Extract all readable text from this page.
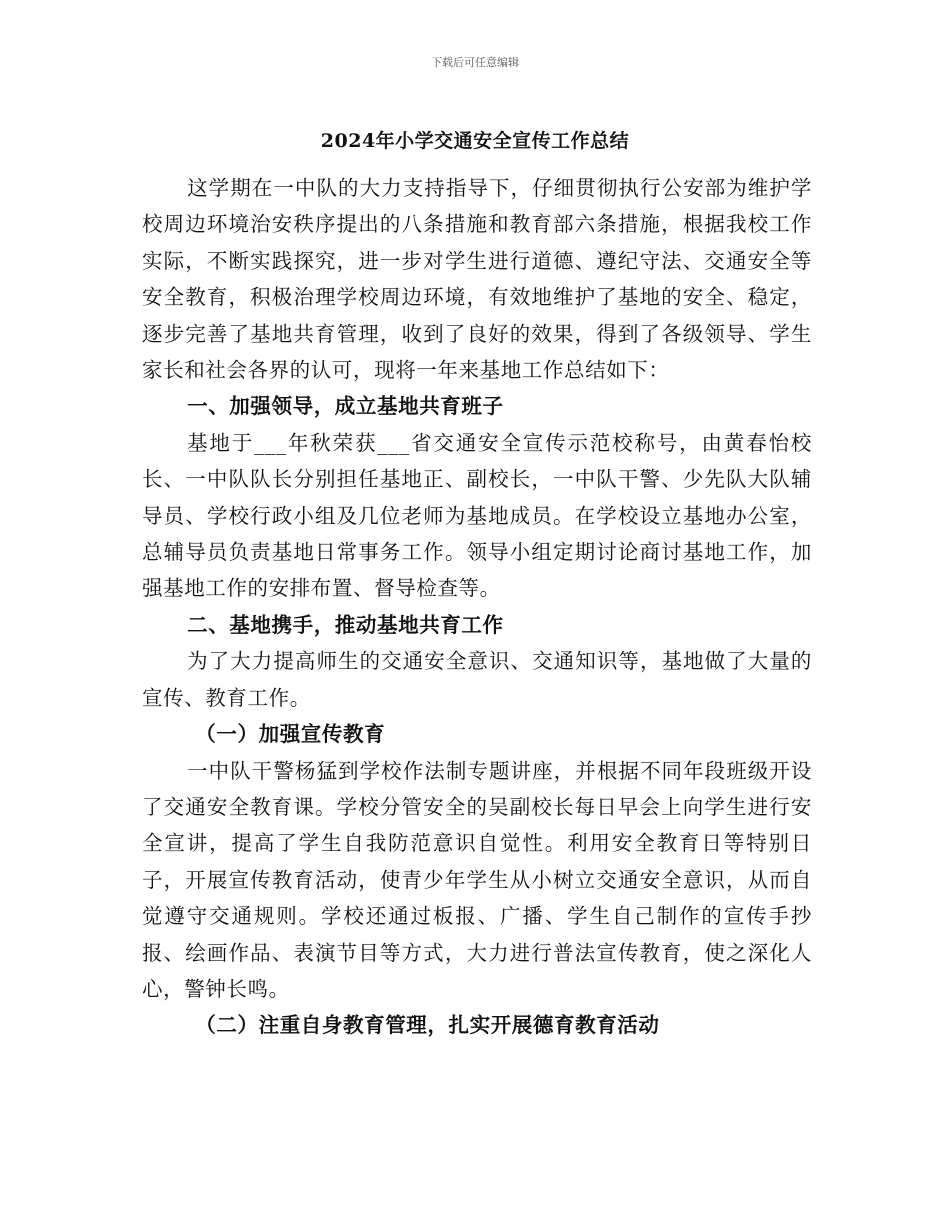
下载后可任意编辑
2024年小学交通安全宣传工作总结

这学期在一中队的大力支持指导下，仔细贯彻执行公安部为维护学校周边环境治安秩序提出的八条措施和教育部六条措施，根据我校工作实际，不断实践探究，进一步对学生进行道德、遵纪守法、交通安全等安全教育，积极治理学校周边环境，有效地维护了基地的安全、稳定，逐步完善了基地共育管理，收到了良好的效果，得到了各级领导、学生家长和社会各界的认可，现将一年来基地工作总结如下：

一、加强领导，成立基地共育班子

基地于___年秋荣获___省交通安全宣传示范校称号，由黄春怡校长、一中队队长分别担任基地正、副校长，一中队干警、少先队大队辅导员、学校行政小组及几位老师为基地成员。在学校设立基地办公室，总辅导员负责基地日常事务工作。领导小组定期讨论商讨基地工作，加强基地工作的安排布置、督导检查等。

二、基地携手，推动基地共育工作

为了大力提高师生的交通安全意识、交通知识等，基地做了大量的宣传、教育工作。

（一）加强宣传教育

一中队干警杨猛到学校作法制专题讲座，并根据不同年段班级开设了交通安全教育课。学校分管安全的吴副校长每日早会上向学生进行安全宣讲，提高了学生自我防范意识自觉性。利用安全教育日等特别日子，开展宣传教育活动，使青少年学生从小树立交通安全意识，从而自觉遵守交通规则。学校还通过板报、广播、学生自己制作的宣传手抄报、绘画作品、表演节目等方式，大力进行普法宣传教育，使之深化人心，警钟长鸣。

（二）注重自身教育管理，扎实开展德育教育活动
